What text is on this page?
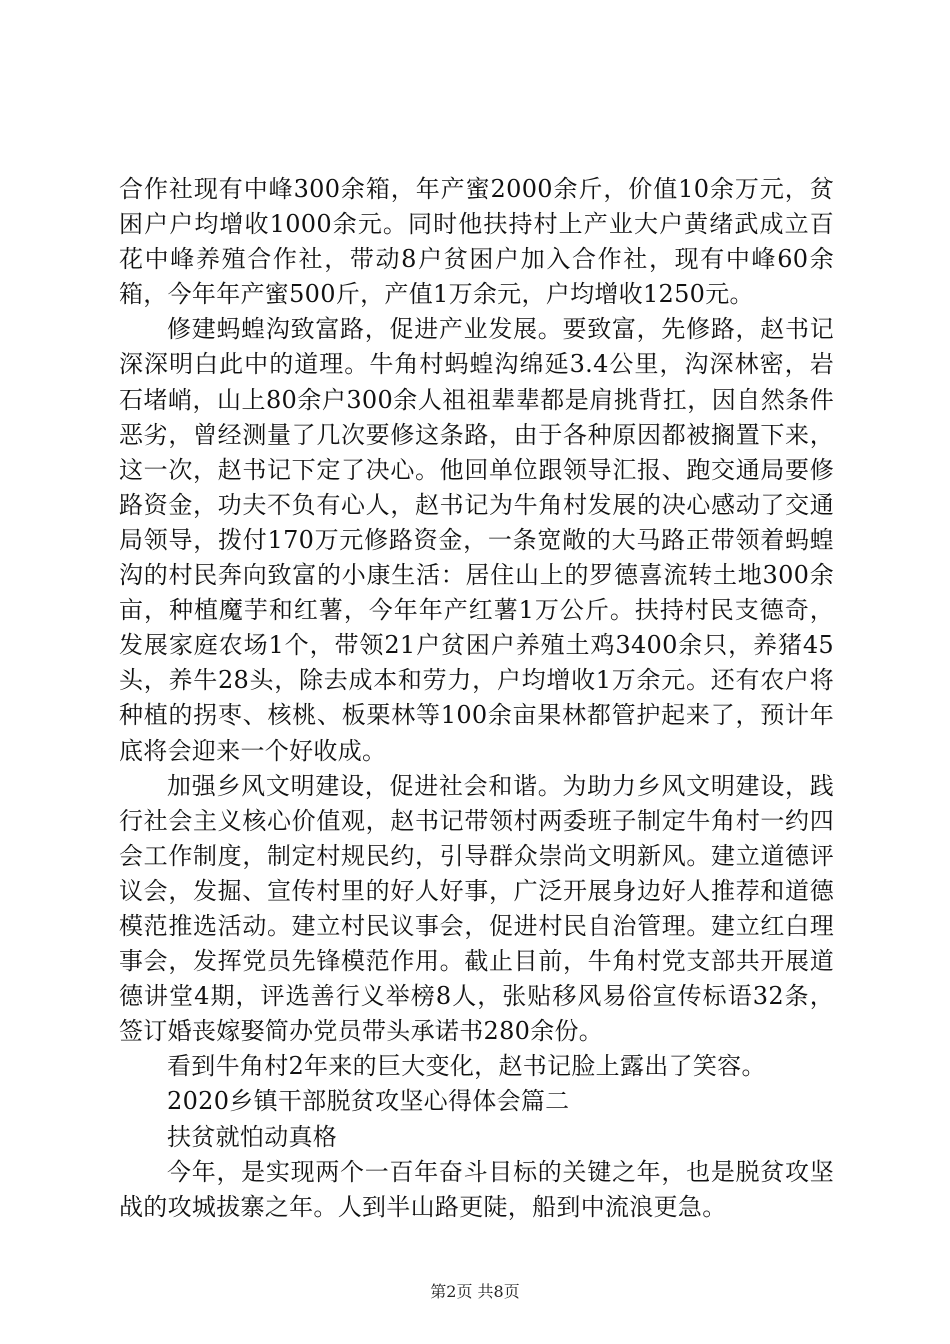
合作社现有中峰300余箱，年产蜜2000余斤，价值10余万元，贫困户户均增收1000余元。同时他扶持村上产业大户黄绪武成立百花中峰养殖合作社，带动8户贫困户加入合作社，现有中峰60余箱，今年年产蜜500斤，产值1万余元，户均增收1250元。

修建蚂蝗沟致富路，促进产业发展。要致富，先修路，赵书记深深明白此中的道理。牛角村蚂蝗沟绵延3.4公里，沟深林密，岩石堵峭，山上80余户300余人祖祖辈辈都是肩挑背扛，因自然条件恶劣，曾经测量了几次要修这条路，由于各种原因都被搁置下来，这一次，赵书记下定了决心。他回单位跟领导汇报、跑交通局要修路资金，功夫不负有心人，赵书记为牛角村发展的决心感动了交通局领导，拨付170万元修路资金，一条宽敞的大马路正带领着蚂蝗沟的村民奔向致富的小康生活：居住山上的罗德喜流转土地300余亩，种植魔芋和红薯，今年年产红薯1万公斤。扶持村民支德奇，发展家庭农场1个，带领21户贫困户养殖土鸡3400余只，养猪45头，养牛28头，除去成本和劳力，户均增收1万余元。还有农户将种植的拐枣、核桃、板栗林等100余亩果林都管护起来了，预计年底将会迎来一个好收成。

加强乡风文明建设，促进社会和谐。为助力乡风文明建设，践行社会主义核心价值观，赵书记带领村两委班子制定牛角村一约四会工作制度，制定村规民约，引导群众崇尚文明新风。建立道德评议会，发掘、宣传村里的好人好事，广泛开展身边好人推荐和道德模范推选活动。建立村民议事会，促进村民自治管理。建立红白理事会，发挥党员先锋模范作用。截止目前，牛角村党支部共开展道德讲堂4期，评选善行义举榜8人，张贴移风易俗宣传标语32条，签订婚丧嫁娶简办党员带头承诺书280余份。

看到牛角村2年来的巨大变化，赵书记脸上露出了笑容。

2020乡镇干部脱贫攻坚心得体会篇二

扶贫就怕动真格

今年，是实现两个一百年奋斗目标的关键之年，也是脱贫攻坚战的攻城拔寨之年。人到半山路更陡，船到中流浪更急。

第2页 共8页
